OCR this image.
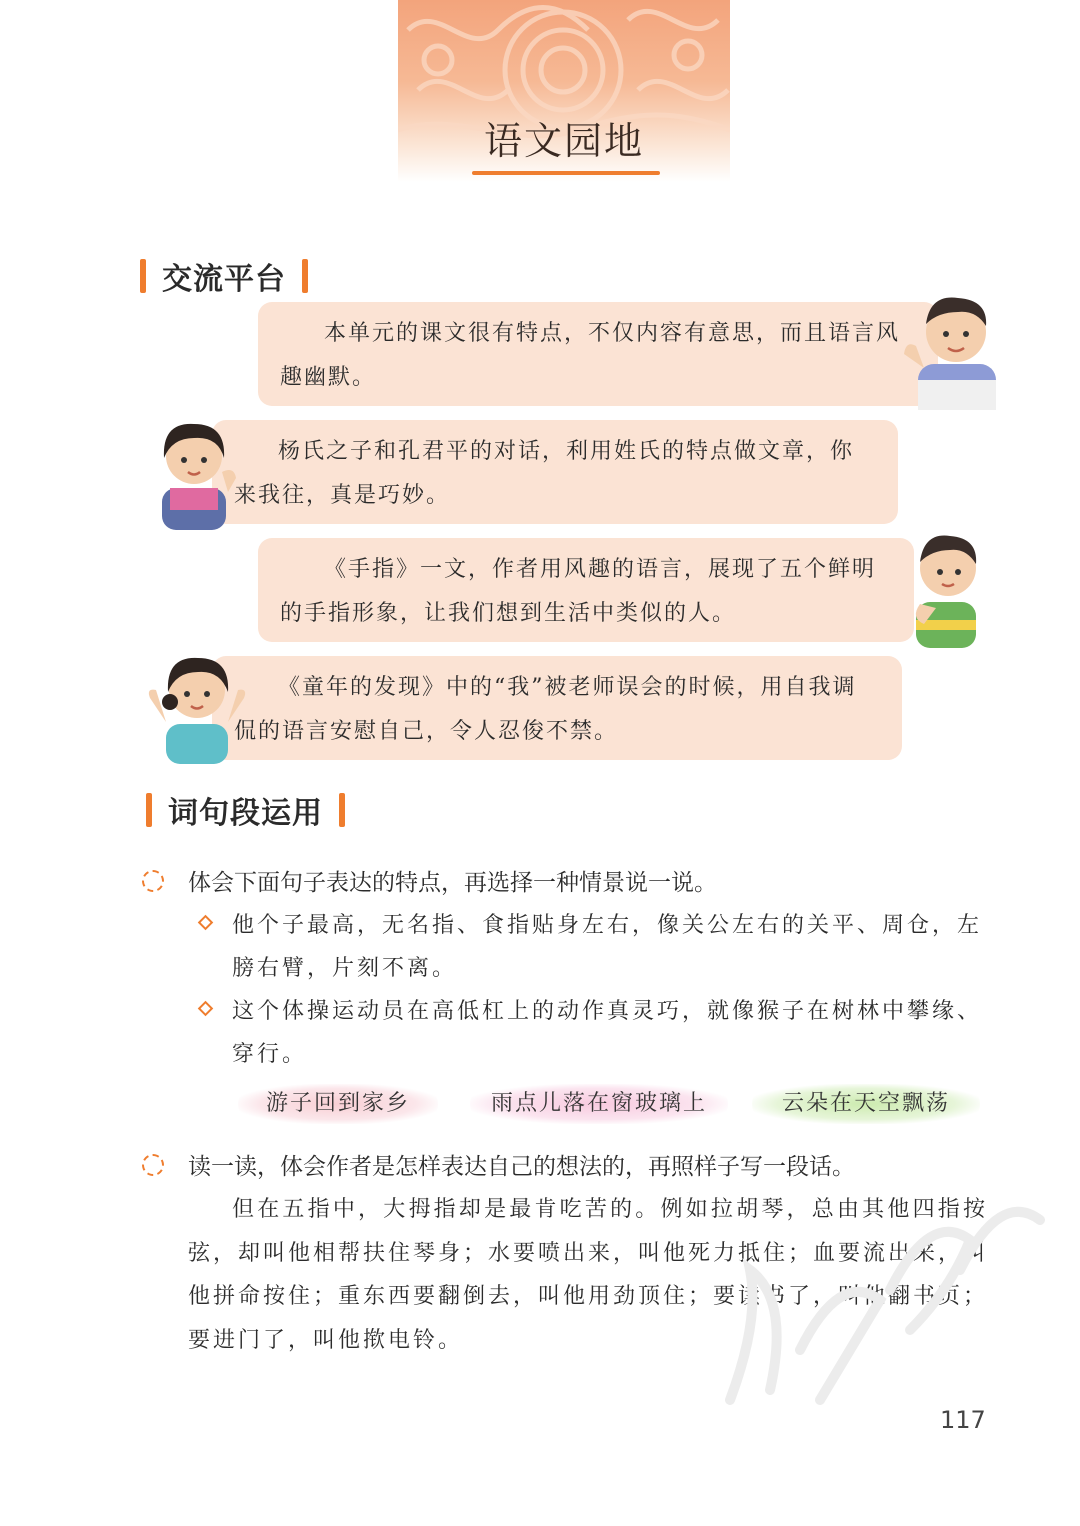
语文园地
交流平台

本单元的课文很有特点，不仅内容有意思，而且语言风趣幽默。

杨氏之子和孔君平的对话，利用姓氏的特点做文章，你来我往，真是巧妙。

《手指》一文，作者用风趣的语言，展现了五个鲜明的手指形象，让我们想到生活中类似的人。

《童年的发现》中的“我”被老师误会的时候，用自我调侃的语言安慰自己，令人忍俊不禁。

词句段运用
体会下面句子表达的特点，再选择一种情景说一说。
他个子最高，无名指、食指贴身左右，像关公左右的关平、周仓，左膀右臂，片刻不离。
这个体操运动员在高低杠上的动作真灵巧，就像猴子在树林中攀缘、穿行。
游子回到家乡	雨点儿落在窗玻璃上	云朵在天空飘荡
读一读，体会作者是怎样表达自己的想法的，再照样子写一段话。
但在五指中，大拇指却是最肯吃苦的。例如拉胡琴，总由其他四指按弦，却叫他相帮扶住琴身；水要喷出来，叫他死力抵住；血要流出来，叫他拼命按住；重东西要翻倒去，叫他用劲顶住；要读书了，叫他翻书页；要进门了，叫他揿电铃。
117
